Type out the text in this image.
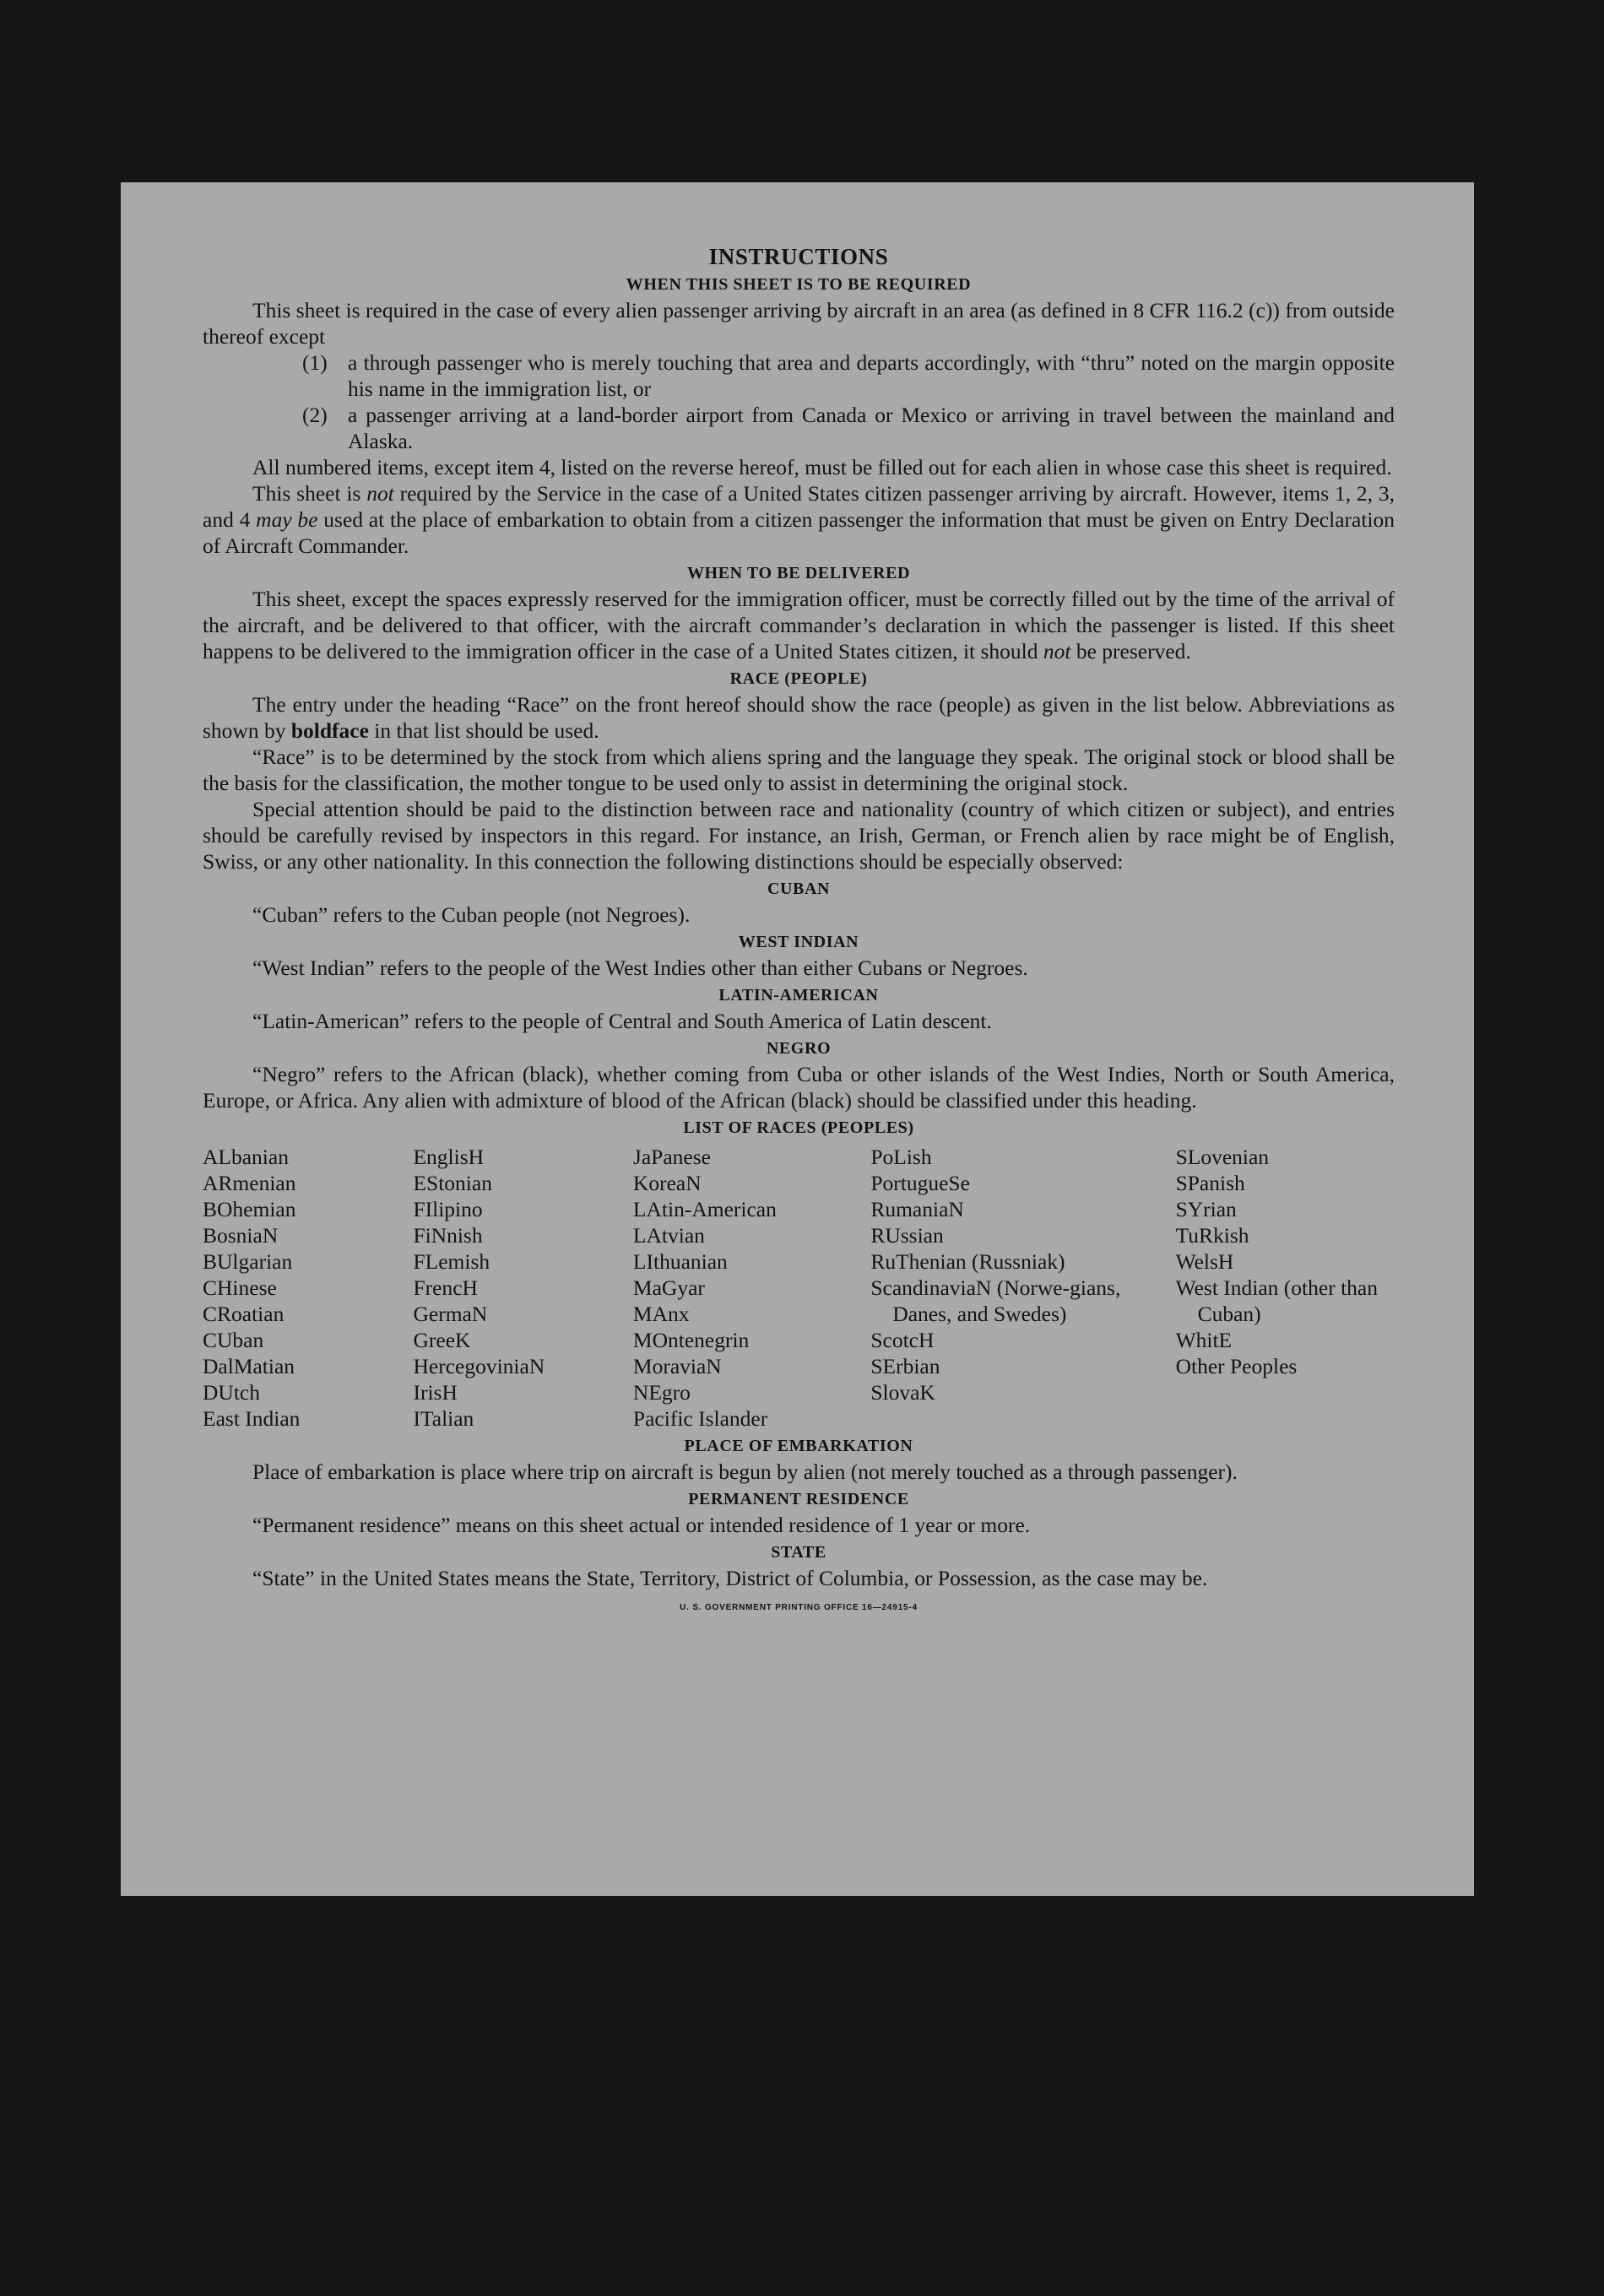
INSTRUCTIONS
WHEN THIS SHEET IS TO BE REQUIRED

This sheet is required in the case of every alien passenger arriving by aircraft in an area (as defined in 8 CFR 116.2 (c)) from outside thereof except

(1) a through passenger who is merely touching that area and departs accordingly, with “thru” noted on the margin opposite his name in the immigration list, or
(2) a passenger arriving at a land-border airport from Canada or Mexico or arriving in travel between the mainland and Alaska.

All numbered items, except item 4, listed on the reverse hereof, must be filled out for each alien in whose case this sheet is required.

This sheet is not required by the Service in the case of a United States citizen passenger arriving by aircraft. However, items 1, 2, 3, and 4 may be used at the place of embarkation to obtain from a citizen passenger the information that must be given on Entry Declaration of Aircraft Commander.

WHEN TO BE DELIVERED

This sheet, except the spaces expressly reserved for the immigration officer, must be correctly filled out by the time of the arrival of the aircraft, and be delivered to that officer, with the aircraft commander’s declaration in which the passenger is listed. If this sheet happens to be delivered to the immigration officer in the case of a United States citizen, it should not be preserved.

RACE (PEOPLE)

The entry under the heading “Race” on the front hereof should show the race (people) as given in the list below. Abbreviations as shown by boldface in that list should be used.

“Race” is to be determined by the stock from which aliens spring and the language they speak. The original stock or blood shall be the basis for the classification, the mother tongue to be used only to assist in determining the original stock.

Special attention should be paid to the distinction between race and nationality (country of which citizen or subject), and entries should be carefully revised by inspectors in this regard. For instance, an Irish, German, or French alien by race might be of English, Swiss, or any other nationality. In this connection the following distinctions should be especially observed:

CUBAN

“Cuban” refers to the Cuban people (not Negroes).

WEST INDIAN

“West Indian” refers to the people of the West Indies other than either Cubans or Negroes.

LATIN-AMERICAN

“Latin-American” refers to the people of Central and South America of Latin descent.

NEGRO

“Negro” refers to the African (black), whether coming from Cuba or other islands of the West Indies, North or South America, Europe, or Africa. Any alien with admixture of blood of the African (black) should be classified under this heading.

LIST OF RACES (PEOPLES)
ALbanian
ARmenian
BOhemian
BosniaN
BUlgarian
CHinese
CRoatian
CUban
DalMatian
DUtch
East Indian
EnglisH
EStonian
FIlipino
FiNnish
FLemish
FrencH
GermaN
GreeK
HercegoviniaN
IrisH
ITalian
JaPanese
KoreaN
LAtin-American
LAtvian
LIthuanian
MaGyar
MAnx
MOntenegrin
MoraviaN
NEgro
Pacific Islander
PoLish
PortugueSe
RumaniaN
RUssian
RuThenian (Russniak)
ScandinaviaN (Norwe-gians, Danes, and Swedes)
ScotcH
SErbian
SlovaK
SLovenian
SPanish
SYrian
TuRkish
WelsH
West Indian (other than Cuban)
WhitE
Other Peoples
PLACE OF EMBARKATION

Place of embarkation is place where trip on aircraft is begun by alien (not merely touched as a through passenger).

PERMANENT RESIDENCE

“Permanent residence” means on this sheet actual or intended residence of 1 year or more.

STATE

“State” in the United States means the State, Territory, District of Columbia, or Possession, as the case may be.

U. S. GOVERNMENT PRINTING OFFICE 16—24915-4
